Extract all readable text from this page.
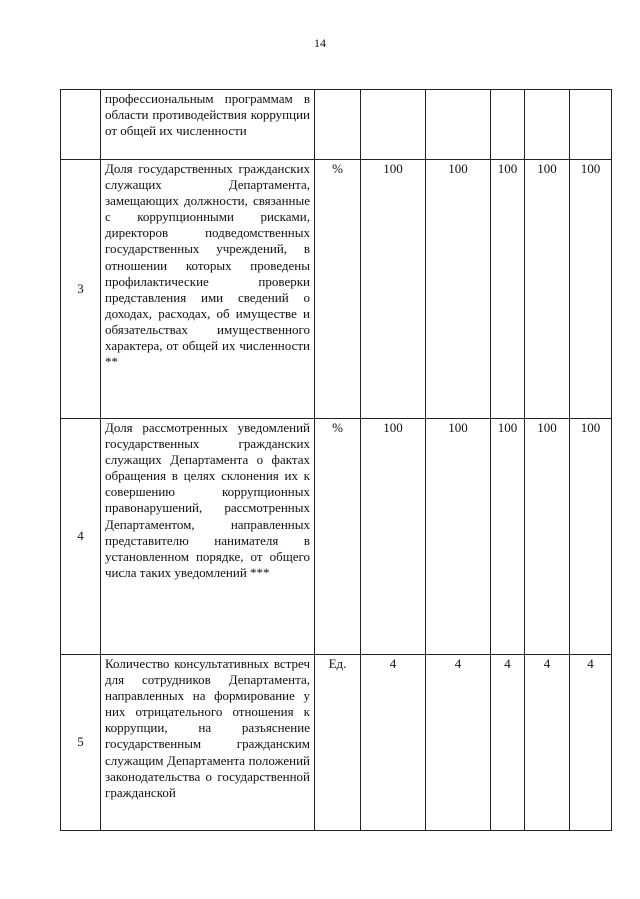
14

	профессиональным программам в области противодействия коррупции от общей их численности						

3	Доля государственных гражданских служащих Департамента, замещающих должности, связанные с коррупционными рисками, директоров подведомственных государственных учреждений, в отношении которых проведены профилактические проверки представления ими сведений о доходах, расходах, об имуществе и обязательствах имущественного характера, от общей их численности **	%	100	100	100	100	100
4	Доля рассмотренных уведомлений государственных гражданских служащих Департамента о фактах обращения в целях склонения их к совершению коррупционных правонарушений, рассмотренных Департаментом, направленных представителю нанимателя в установленном порядке, от общего числа таких уведомлений ***	%	100	100	100	100	100
5	Количество консультативных встреч для сотрудников Департамента, направленных на формирование у них отрицательного отношения к коррупции, на разъяснение государственным гражданским служащим Департамента положений законодательства о государственной гражданской	Ед.	4	4	4	4	4
